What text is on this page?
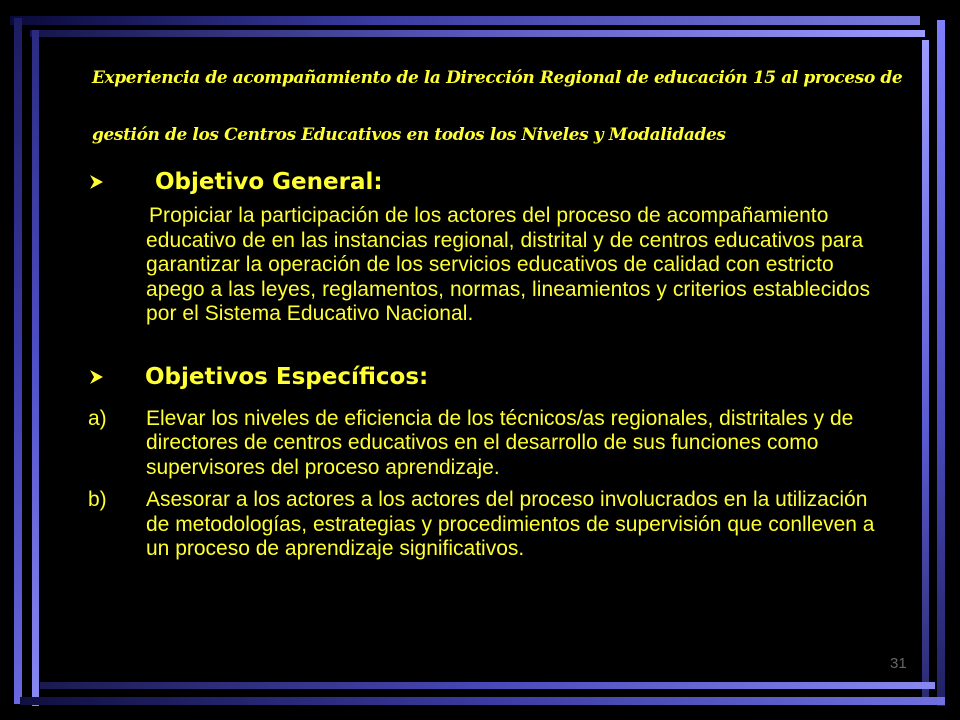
Experiencia de acompañamiento de la Dirección Regional de educación 15 al proceso de gestión de los Centros Educativos en todos los Niveles y Modalidades

Objetivo General:

Propiciar la participación de los actores del proceso de acompañamiento educativo de en las instancias regional, distrital y de centros educativos para garantizar la operación de los servicios educativos de calidad con estricto apego a las leyes, reglamentos, normas, lineamientos y criterios establecidos por el Sistema Educativo Nacional.

Objetivos Específicos:
a)	Elevar los niveles de eficiencia de los técnicos/as regionales, distritales y de directores de centros educativos en el desarrollo de sus funciones como supervisores del proceso aprendizaje.
b)	Asesorar a los actores a los actores del proceso involucrados en la utilización de metodologías, estrategias y procedimientos de supervisión que conlleven a un proceso de aprendizaje significativos.
31
